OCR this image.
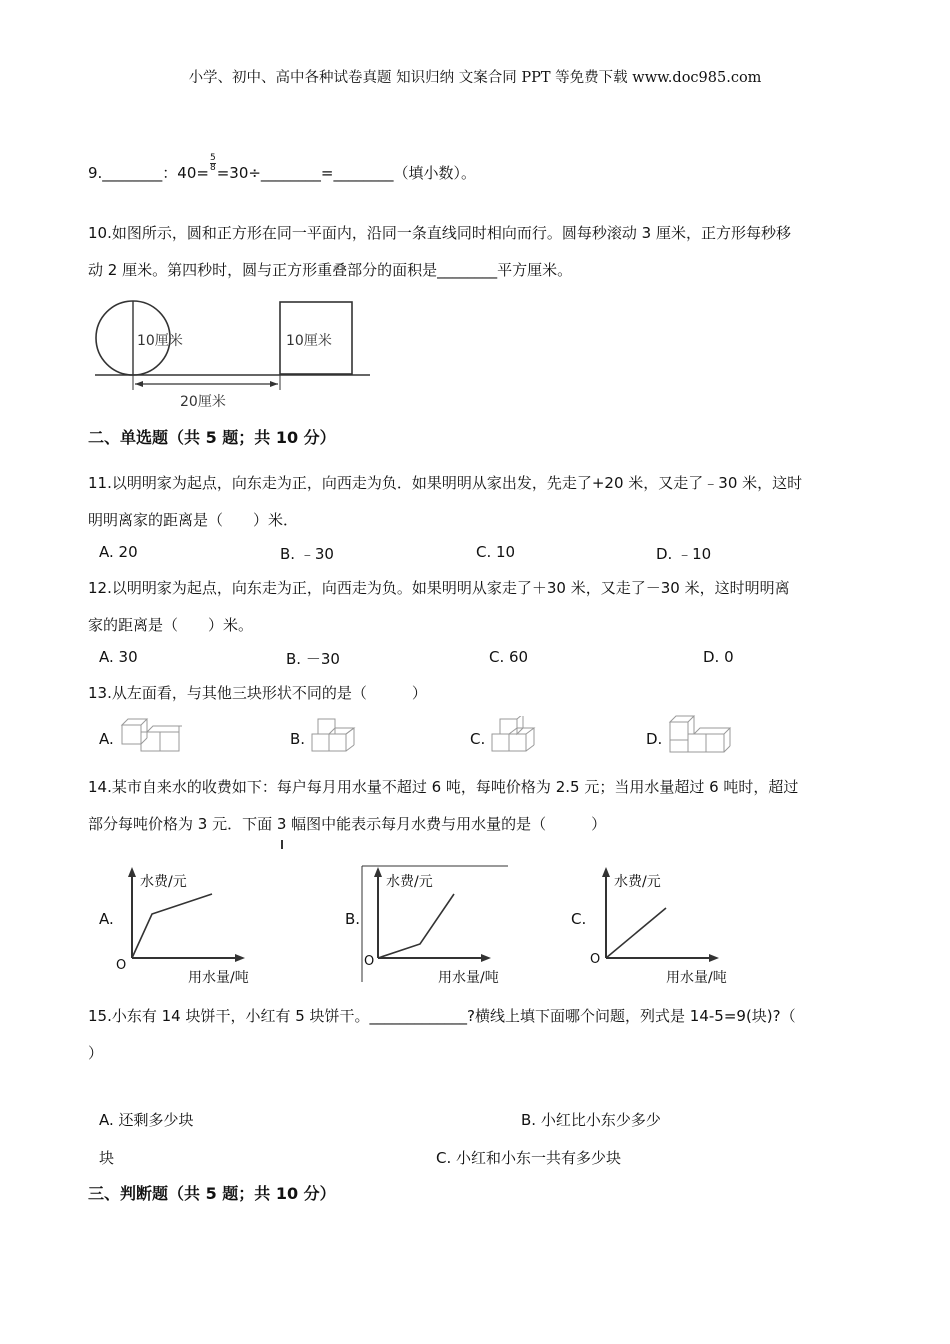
小学、初中、高中各种试卷真题 知识归纳 文案合同 PPT 等免费下载 www.doc985.com
9.________：$40= \frac{5}{8}$ =30÷________=________（填小数）。
10.如图所示，圆和正方形在同一平面内，沿同一条直线同时相向而行。圆每秒滚动 3 厘米，正方形每秒移
动 2 厘米。第四秒时，圆与正方形重叠部分的面积是________平方厘米。
10厘米	10厘米
20厘米
二、单选题（共 5 题；共 10 分）
11.以明明家为起点，向东走为正，向西走为负．如果明明从家出发，先走了+20 米，又走了﹣30 米，这时
明明离家的距离是（　　）米．
A. 20	B. ﹣30	C. 10	D. ﹣10
12.以明明家为起点，向东走为正，向西走为负。如果明明从家走了＋30 米，又走了－30 米，这时明明离
家的距离是（　　）米。
A. 30	B. －30	C. 60	D. 0
13.从左面看，与其他三块形状不同的是（　　　）
A.	B.	C.	D.
14.某市自来水的收费如下：每户每月用水量不超过 6 吨，每吨价格为 2.5 元；当用水量超过 6 吨时，超过
部分每吨价格为 3 元．下面 3 幅图中能表示每月水费与用水量的是（　　　）
A.
水费/元
用水量/吨
O
B.
水费/元
用水量/吨
O
C.
水费/元
用水量/吨
O
15.小东有 14 块饼干，小红有 5 块饼干。_____________?横线上填下面哪个问题，列式是 14-5=9(块)?（
）
A. 还剩多少块	B. 小红比小东少多少
块	C. 小红和小东一共有多少块
三、判断题（共 5 题；共 10 分）
